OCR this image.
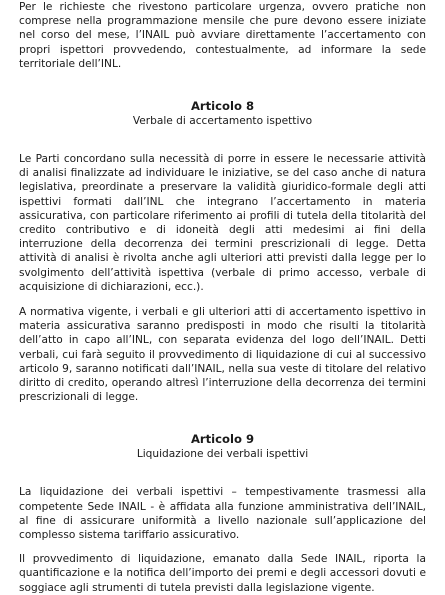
Per le richieste che rivestono particolare urgenza, ovvero pratiche non comprese nella programmazione mensile che pure devono essere iniziate nel corso del mese, l’INAIL può avviare direttamente l’accertamento con propri ispettori provvedendo, contestualmente, ad informare la sede territoriale dell’INL.

Articolo 8
Verbale di accertamento ispettivo

Le Parti concordano sulla necessità di porre in essere le necessarie attività di analisi finalizzate ad individuare le iniziative, se del caso anche di natura legislativa, preordinate a preservare la validità giuridico-formale degli atti ispettivi formati dall’INL che integrano l’accertamento in materia assicurativa, con particolare riferimento ai profili di tutela della titolarità del credito contributivo e di idoneità degli atti medesimi ai fini della interruzione della decorrenza dei termini prescrizionali di legge. Detta attività di analisi è rivolta anche agli ulteriori atti previsti dalla legge per lo svolgimento dell’attività ispettiva (verbale di primo accesso, verbale di acquisizione di dichiarazioni, ecc.).

A normativa vigente, i verbali e gli ulteriori atti di accertamento ispettivo in materia assicurativa saranno predisposti in modo che risulti la titolarità dell’atto in capo all’INL, con separata evidenza del logo dell’INAIL. Detti verbali, cui farà seguito il provvedimento di liquidazione di cui al successivo articolo 9, saranno notificati dall’INAIL, nella sua veste di titolare del relativo diritto di credito, operando altresì l’interruzione della decorrenza dei termini prescrizionali di legge.

Articolo 9
Liquidazione dei verbali ispettivi

La liquidazione dei verbali ispettivi – tempestivamente trasmessi alla competente Sede INAIL - è affidata alla funzione amministrativa dell’INAIL, al fine di assicurare uniformità a livello nazionale sull’applicazione del complesso sistema tariffario assicurativo.

Il provvedimento di liquidazione, emanato dalla Sede INAIL, riporta la quantificazione e la notifica dell’importo dei premi e degli accessori dovuti e soggiace agli strumenti di tutela previsti dalla legislazione vigente.
